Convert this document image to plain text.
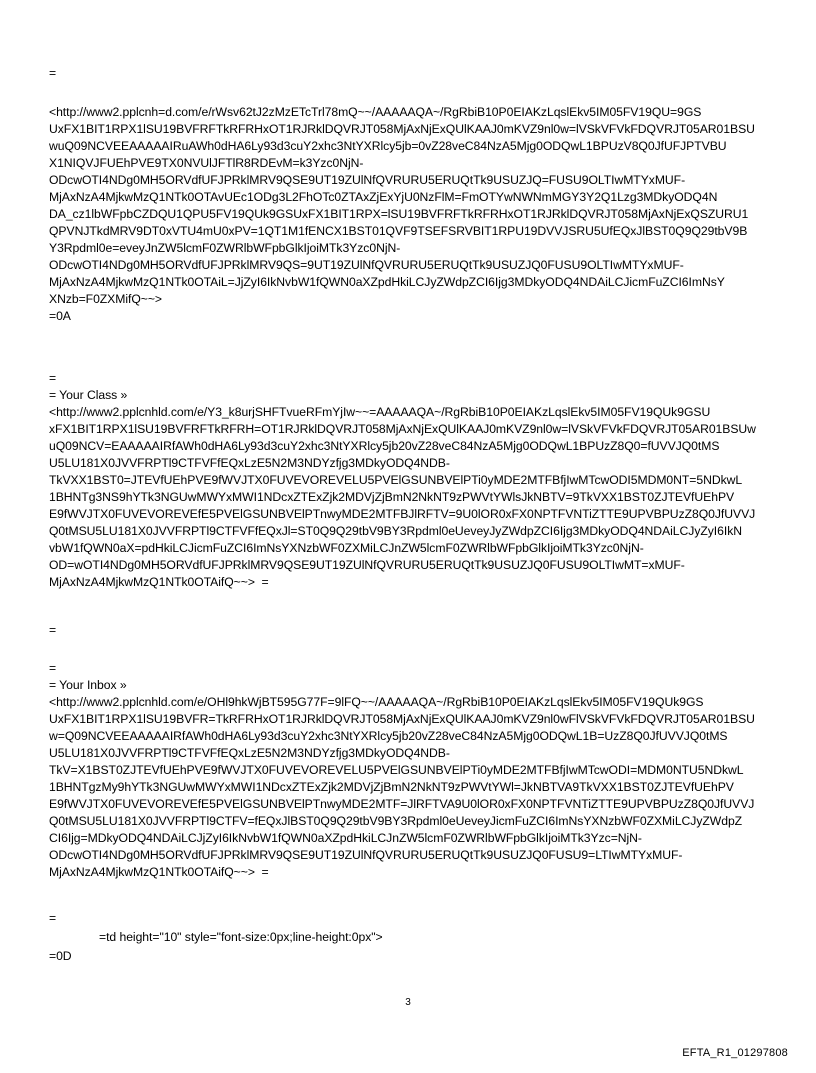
=
<http://www2.pplcnh=d.com/e/rWsv62tJ2zMzETcTrl78mQ~~/AAAAAQA~/RgRbiB10P0EIAKzLqslEkv5IM05FV19QU=9GS
UxFX1BIT1RPX1lSU19BVFRFTkRFRHxOT1RJRklDQVRJT058MjAxNjExQUlKAAJ0mKVZ9nl0w=lVSkVFVkFDQVRJT05AR01BSU
wuQ09NCVEEAAAAAIRuAWh0dHA6Ly93d3cuY2xhc3NtYXRlcy5jb=0vZ28veC84NzA5Mjg0ODQwL1BPUzV8Q0JfUFJPTVBU
X1NIQVJFUEhPVE9TX0NVUlJFTlR8RDEvM=k3Yzc0NjN-
ODcwOTI4NDg0MH5ORVdfUFJPRklMRV9QSE9UT19ZUlNfQVRURU5ERUQtTk9USUZJQ=FUSU9OLTIwMTYxMUF-
MjAxNzA4MjkwMzQ1NTk0OTAvUEc1ODg3L2FhOTc0ZTAxZjExYjU0NzFlM=FmOTYwNWNmMGY3Y2Q1Lzg3MDkyODQ4N
DA_cz1lbWFpbCZDQU1QPU5FV19QUk9GSUxFX1BIT1RPX=lSU19BVFRFTkRFRHxOT1RJRklDQVRJT058MjAxNjExQSZURU1
QPVNJTkdMRV9DT0xVTU4mU0xPV=1QT1M1fENCX1BST01QVF9TSEFSRVBIT1RPU19DVVJSRU5UfEQxJlBST0Q9Q29tbV9B
Y3Rpdml0e=eveyJnZW5lcmF0ZWRlbWFpbGlkIjoiMTk3Yzc0NjN-
ODcwOTI4NDg0MH5ORVdfUFJPRklMRV9QS=9UT19ZUlNfQVRURU5ERUQtTk9USUZJQ0FUSU9OLTIwMTYxMUF-
MjAxNzA4MjkwMzQ1NTk0OTAiL=JjZyI6IkNvbW1fQWN0aXZpdHkiLCJyZWdpZCI6Ijg3MDkyODQ4NDAiLCJicmFuZCI6ImNsY
XNzb=F0ZXMifQ~~>
=0A
=
= Your Class »
<http://www2.pplcnhld.com/e/Y3_k8urjSHFTvueRFmYjIw~~=AAAAAQA~/RgRbiB10P0EIAKzLqslEkv5IM05FV19QUk9GSU
xFX1BIT1RPX1lSU19BVFRFTkRFRH=OT1RJRklDQVRJT058MjAxNjExQUlKAAJ0mKVZ9nl0w=lVSkVFVkFDQVRJT05AR01BSUw
uQ09NCV=EAAAAAIRfAWh0dHA6Ly93d3cuY2xhc3NtYXRlcy5jb20vZ28veC84NzA5Mjg0ODQwL1BPUzZ8Q0=fUVVJQ0tMS
U5LU181X0JVVFRPTl9CTFVFfEQxLzE5N2M3NDYzfjg3MDkyODQ4NDB-
TkVXX1BST0=JTEVfUEhPVE9fWVJTX0FUVEVOREVELU5PVElGSUNBVElPTi0yMDE2MTFBfjIwMTcwODI5MDM0NT=5NDkwL
1BHNTg3NS9hYTk3NGUwMWYxMWI1NDcxZTExZjk2MDVjZjBmN2NkNT9zPWVtYWlsJkNBTV=9TkVXX1BST0ZJTEVfUEhPV
E9fWVJTX0FUVEVOREVEfE5PVElGSUNBVElPTnwyMDE2MTFBJlRFTV=9U0lOR0xFX0NPTFVNTiZTTE9UPVBPUzZ8Q0JfUVVJ
Q0tMSU5LU181X0JVVFRPTl9CTFVFfEQxJl=ST0Q9Q29tbV9BY3Rpdml0eUeveyJyZWdpZCI6Ijg3MDkyODQ4NDAiLCJyZyI6IkN
vbW1fQWN0aX=pdHkiLCJicmFuZCI6ImNsYXNzbWF0ZXMiLCJnZW5lcmF0ZWRlbWFpbGlkIjoiMTk3Yzc0NjN-
OD=wOTI4NDg0MH5ORVdfUFJPRklMRV9QSE9UT19ZUlNfQVRURU5ERUQtTk9USUZJQ0FUSU9OLTIwMT=xMUF-
MjAxNzA4MjkwMzQ1NTk0OTAifQ~~>  =
=
=
= Your Inbox »
<http://www2.pplcnhld.com/e/OHl9hkWjBT595G77F=9lFQ~~/AAAAAQA~/RgRbiB10P0EIAKzLqslEkv5IM05FV19QUk9GS
UxFX1BIT1RPX1lSU19BVFR=TkRFRHxOT1RJRklDQVRJT058MjAxNjExQUlKAAJ0mKVZ9nl0wFlVSkVFVkFDQVRJT05AR01BSU
w=Q09NCVEEAAAAAIRfAWh0dHA6Ly93d3cuY2xhc3NtYXRlcy5jb20vZ28veC84NzA5Mjg0ODQwL1B=UzZ8Q0JfUVVJQ0tMS
U5LU181X0JVVFRPTl9CTFVFfEQxLzE5N2M3NDYzfjg3MDkyODQ4NDB-
TkV=X1BST0ZJTEVfUEhPVE9fWVJTX0FUVEVOREVELU5PVElGSUNBVElPTi0yMDE2MTFBfjIwMTcwODI=MDM0NTU5NDkwL
1BHNTgzMy9hYTk3NGUwMWYxMWI1NDcxZTExZjk2MDVjZjBmN2NkNT9zPWVtYWl=JkNBTVA9TkVXX1BST0ZJTEVfUEhPV
E9fWVJTX0FUVEVOREVEfE5PVElGSUNBVElPTnwyMDE2MTF=JlRFTVA9U0lOR0xFX0NPTFVNTiZTTE9UPVBPUzZ8Q0JfUVVJ
Q0tMSU5LU181X0JVVFRPTl9CTFV=fEQxJlBST0Q9Q29tbV9BY3Rpdml0eUeveyJicmFuZCI6ImNsYXNzbWF0ZXMiLCJyZWdpZ
CI6Ijg=MDkyODQ4NDAiLCJjZyI6IkNvbW1fQWN0aXZpdHkiLCJnZW5lcmF0ZWRlbWFpbGlkIjoiMTk3Yzc=NjN-
ODcwOTI4NDg0MH5ORVdfUFJPRklMRV9QSE9UT19ZUlNfQVRURU5ERUQtTk9USUZJQ0FUSU9=LTIwMTYxMUF-
MjAxNzA4MjkwMzQ1NTk0OTAifQ~~>  =
=
=td height="10" style="font-size:0px;line-height:0px">
=0D
3
EFTA_R1_01297808
